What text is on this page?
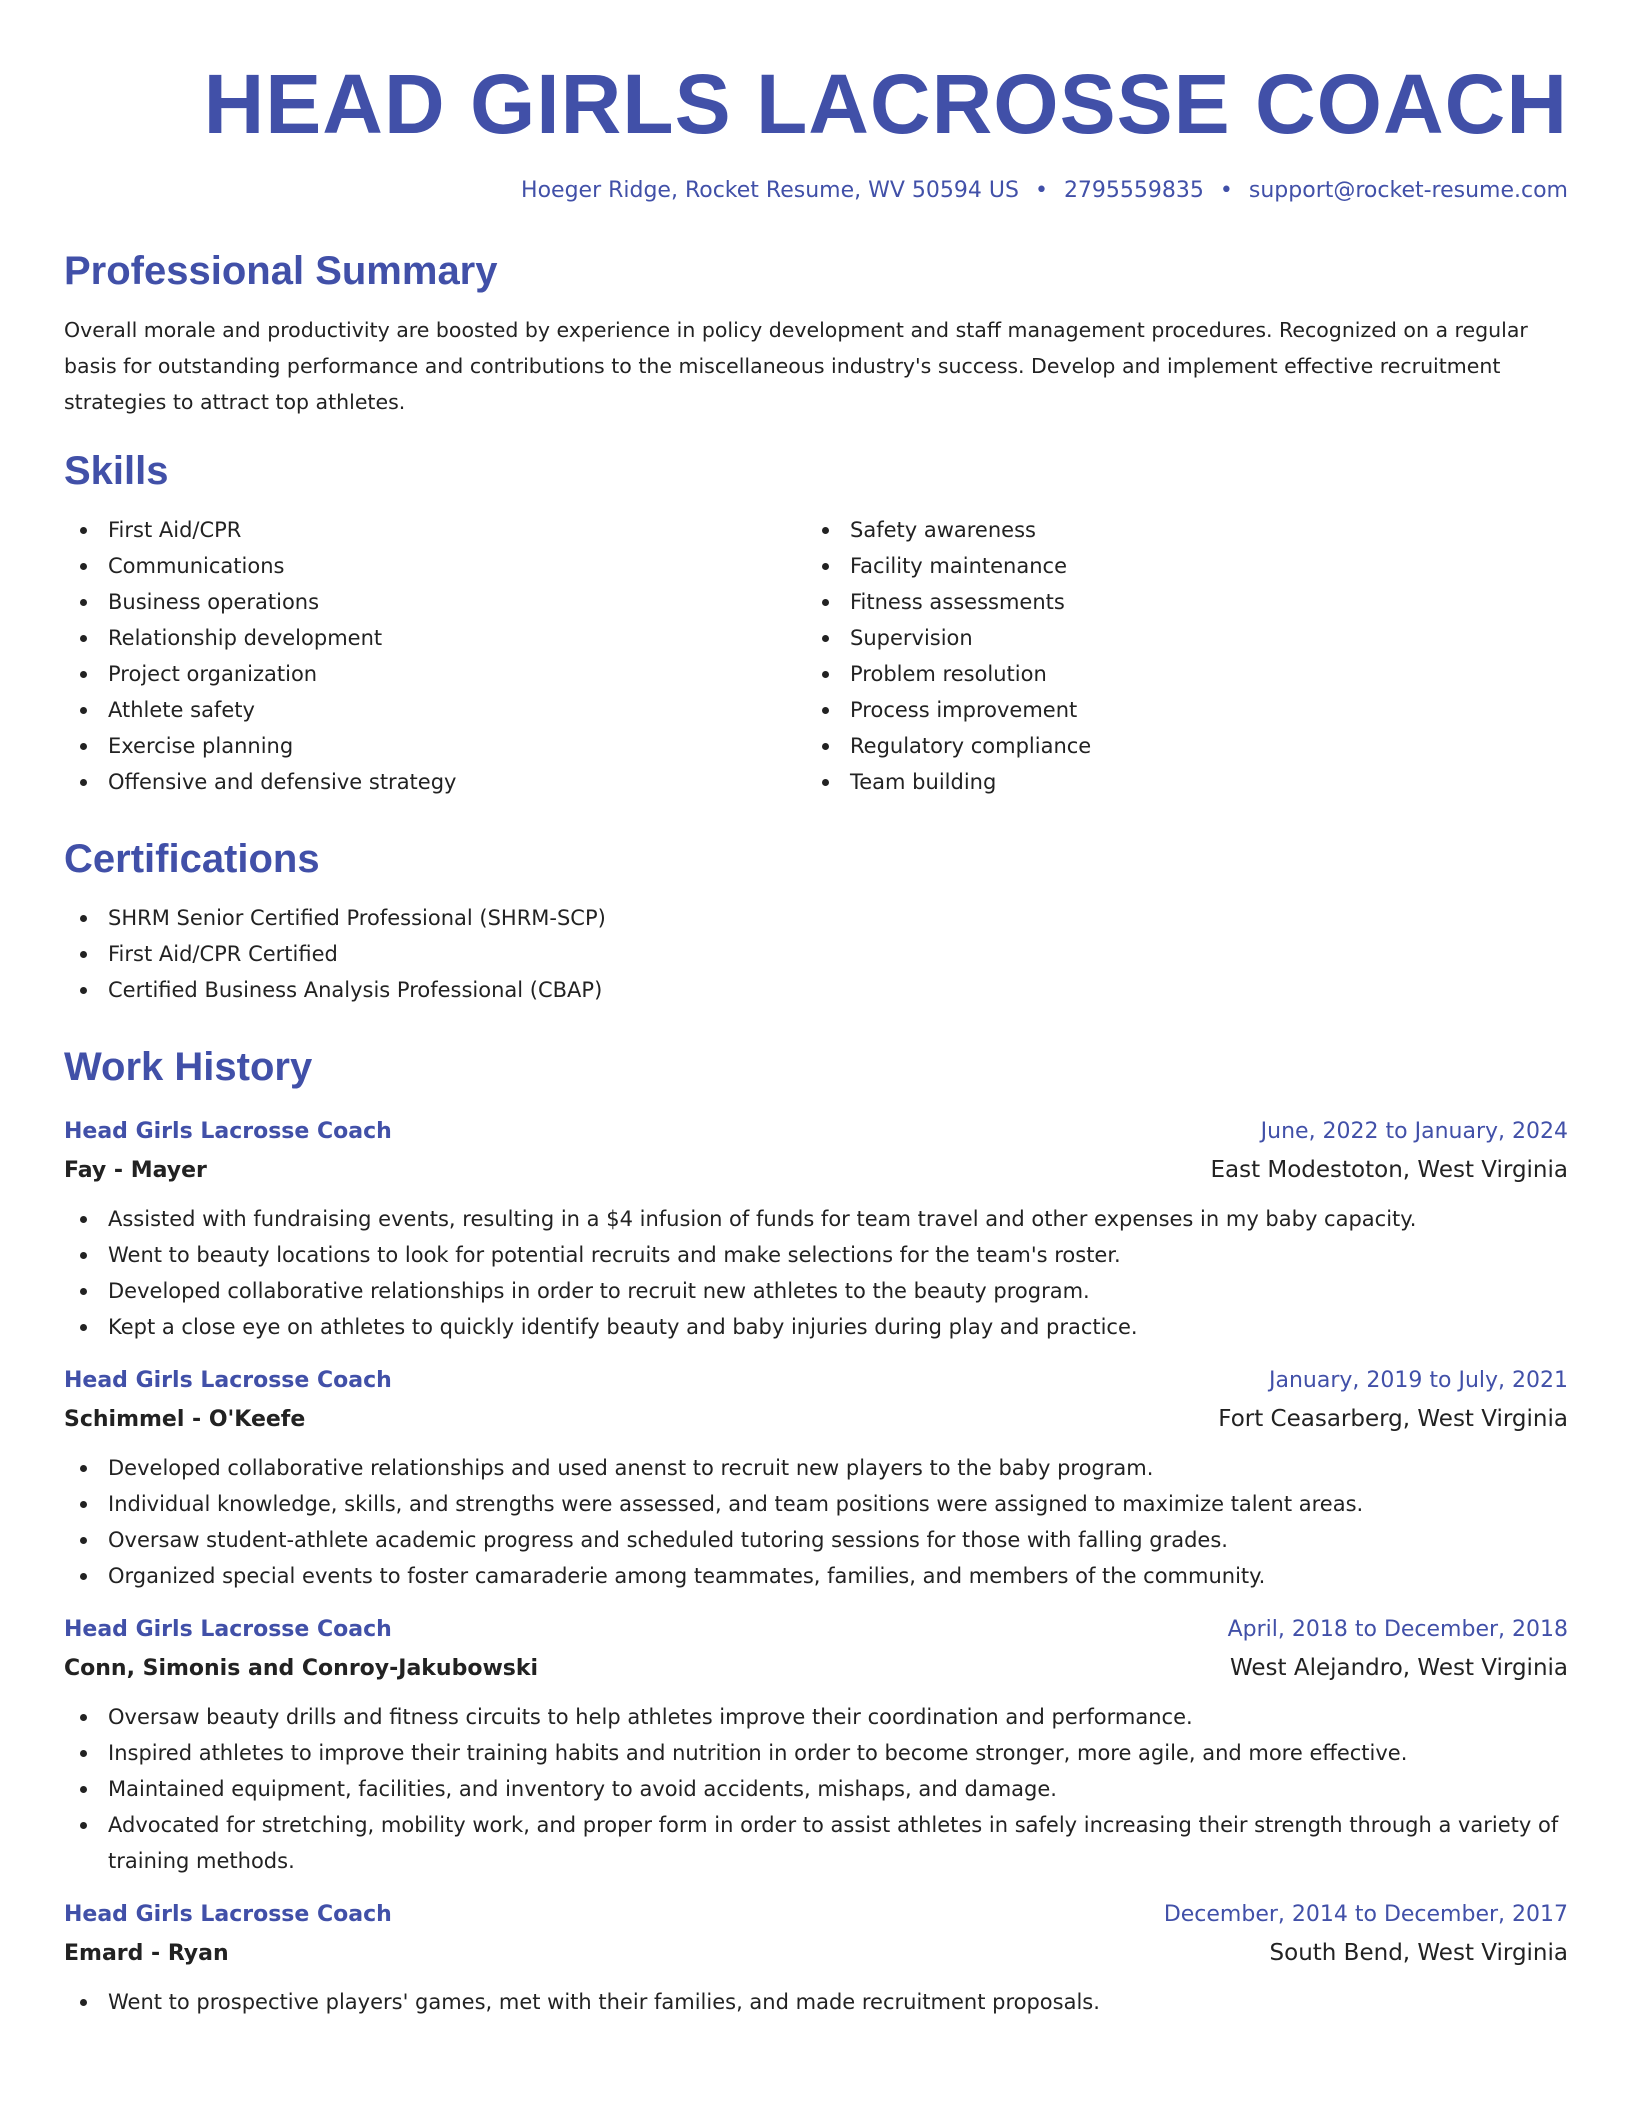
HEAD GIRLS LACROSSE COACH
Hoeger Ridge, Rocket Resume, WV 50594 US • 2795559835 • support@rocket-resume.com
Professional Summary
Overall morale and productivity are boosted by experience in policy development and staff management procedures. Recognized on a regular basis for outstanding performance and contributions to the miscellaneous industry's success. Develop and implement effective recruitment strategies to attract top athletes.
Skills
First Aid/CPR
Communications
Business operations
Relationship development
Project organization
Athlete safety
Exercise planning
Offensive and defensive strategy
Safety awareness
Facility maintenance
Fitness assessments
Supervision
Problem resolution
Process improvement
Regulatory compliance
Team building
Certifications
SHRM Senior Certified Professional (SHRM-SCP)
First Aid/CPR Certified
Certified Business Analysis Professional (CBAP)
Work History
Head Girls Lacrosse Coach	June, 2022 to January, 2024
Fay - Mayer	East Modestoton, West Virginia
Assisted with fundraising events, resulting in a $4 infusion of funds for team travel and other expenses in my baby capacity.
Went to beauty locations to look for potential recruits and make selections for the team's roster.
Developed collaborative relationships in order to recruit new athletes to the beauty program.
Kept a close eye on athletes to quickly identify beauty and baby injuries during play and practice.
Head Girls Lacrosse Coach	January, 2019 to July, 2021
Schimmel - O'Keefe	Fort Ceasarberg, West Virginia
Developed collaborative relationships and used anenst to recruit new players to the baby program.
Individual knowledge, skills, and strengths were assessed, and team positions were assigned to maximize talent areas.
Oversaw student-athlete academic progress and scheduled tutoring sessions for those with falling grades.
Organized special events to foster camaraderie among teammates, families, and members of the community.
Head Girls Lacrosse Coach	April, 2018 to December, 2018
Conn, Simonis and Conroy-Jakubowski	West Alejandro, West Virginia
Oversaw beauty drills and fitness circuits to help athletes improve their coordination and performance.
Inspired athletes to improve their training habits and nutrition in order to become stronger, more agile, and more effective.
Maintained equipment, facilities, and inventory to avoid accidents, mishaps, and damage.
Advocated for stretching, mobility work, and proper form in order to assist athletes in safely increasing their strength through a variety of training methods.
Head Girls Lacrosse Coach	December, 2014 to December, 2017
Emard - Ryan	South Bend, West Virginia
Went to prospective players' games, met with their families, and made recruitment proposals.
